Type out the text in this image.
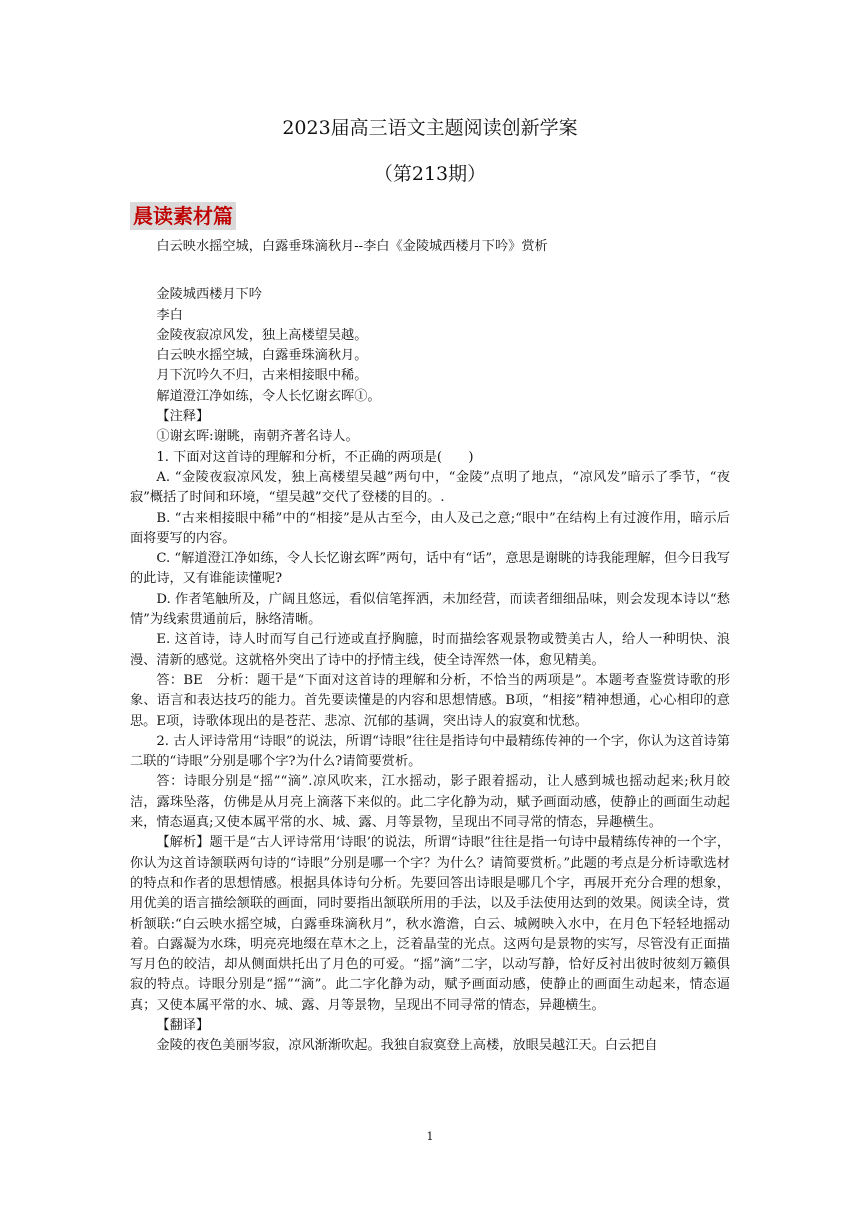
2023届高三语文主题阅读创新学案
（第213期）
晨读素材篇

白云映水摇空城，白露垂珠滴秋月--李白《金陵城西楼月下吟》赏析

金陵城西楼月下吟

李白

金陵夜寂凉风发，独上高楼望吴越。

白云映水摇空城，白露垂珠滴秋月。

月下沉吟久不归，古来相接眼中稀。

解道澄江净如练，令人长忆谢玄晖①。

【注释】

①谢玄晖:谢眺，南朝齐著名诗人。

1. 下面对这首诗的理解和分析，不正确的两项是(　　)

A. “金陵夜寂凉风发，独上高楼望吴越”两句中，“金陵”点明了地点，“凉风发”暗示了季节，“夜寂”概括了时间和环境，“望吴越”交代了登楼的目的。.

B. “古来相接眼中稀”中的“相接”是从古至今，由人及己之意;“眼中”在结构上有过渡作用，暗示后面将要写的内容。

C. “解道澄江净如练，令人长忆谢玄晖”两句，话中有“话”，意思是谢眺的诗我能理解，但今日我写的此诗，又有谁能读懂呢?

D. 作者笔触所及，广阔且悠远，看似信笔挥洒，未加经营，而读者细细品味，则会发现本诗以“愁情”为线索贯通前后，脉络清晰。

E. 这首诗，诗人时而写自己行迹或直抒胸臆，时而描绘客观景物或赞美古人，给人一种明快、浪漫、清新的感觉。这就格外突出了诗中的抒情主线，使全诗浑然一体，愈见精美。

答：BE　分析：题干是“下面对这首诗的理解和分析，不恰当的两项是”。本题考查鉴赏诗歌的形象、语言和表达技巧的能力。首先要读懂是的内容和思想情感。B项，“相接”精神想通，心心相印的意思。E项，诗歌体现出的是苍茫、悲凉、沉郁的基调，突出诗人的寂寞和忧愁。

2. 古人评诗常用“诗眼”的说法，所谓“诗眼”往往是指诗句中最精练传神的一个字，你认为这首诗第二联的“诗眼”分别是哪个字?为什么?请简要赏析。

答：诗眼分别是“摇”“滴”.凉风吹来，江水摇动，影子跟着摇动，让人感到城也摇动起来;秋月皎洁，露珠坠落，仿佛是从月亮上滴落下来似的。此二字化静为动，赋予画面动感，使静止的画面生动起来，情态逼真;又使本属平常的水、城、露、月等景物，呈现出不同寻常的情态，异趣横生。

【解析】题干是“古人评诗常用‘诗眼’的说法，所谓“诗眼”往往是指一句诗中最精练传神的一个字，你认为这首诗颔联两句诗的“诗眼”分别是哪一个字？为什么？请简要赏析。”此题的考点是分析诗歌选材的特点和作者的思想情感。根据具体诗句分析。先要回答出诗眼是哪几个字，再展开充分合理的想象，用优美的语言描绘颔联的画面，同时要指出颔联所用的手法，以及手法使用达到的效果。阅读全诗，赏析颔联:“白云映水摇空城，白露垂珠滴秋月”，秋水澹澹，白云、城阙映入水中，在月色下轻轻地摇动着。白露凝为水珠，明亮亮地缀在草木之上，泛着晶莹的光点。这两句是景物的实写，尽管没有正面描写月色的皎洁，却从侧面烘托出了月色的可爱。“摇”滴”二字，以动写静，恰好反衬出彼时彼刻万籁俱寂的特点。诗眼分别是“摇”“滴”。此二字化静为动，赋予画面动感，使静止的画面生动起来，情态逼真；又使本属平常的水、城、露、月等景物，呈现出不同寻常的情态，异趣横生。

【翻译】

金陵的夜色美丽岑寂，凉风渐渐吹起。我独自寂寞登上高楼，放眼吴越江天。白云把自

1
